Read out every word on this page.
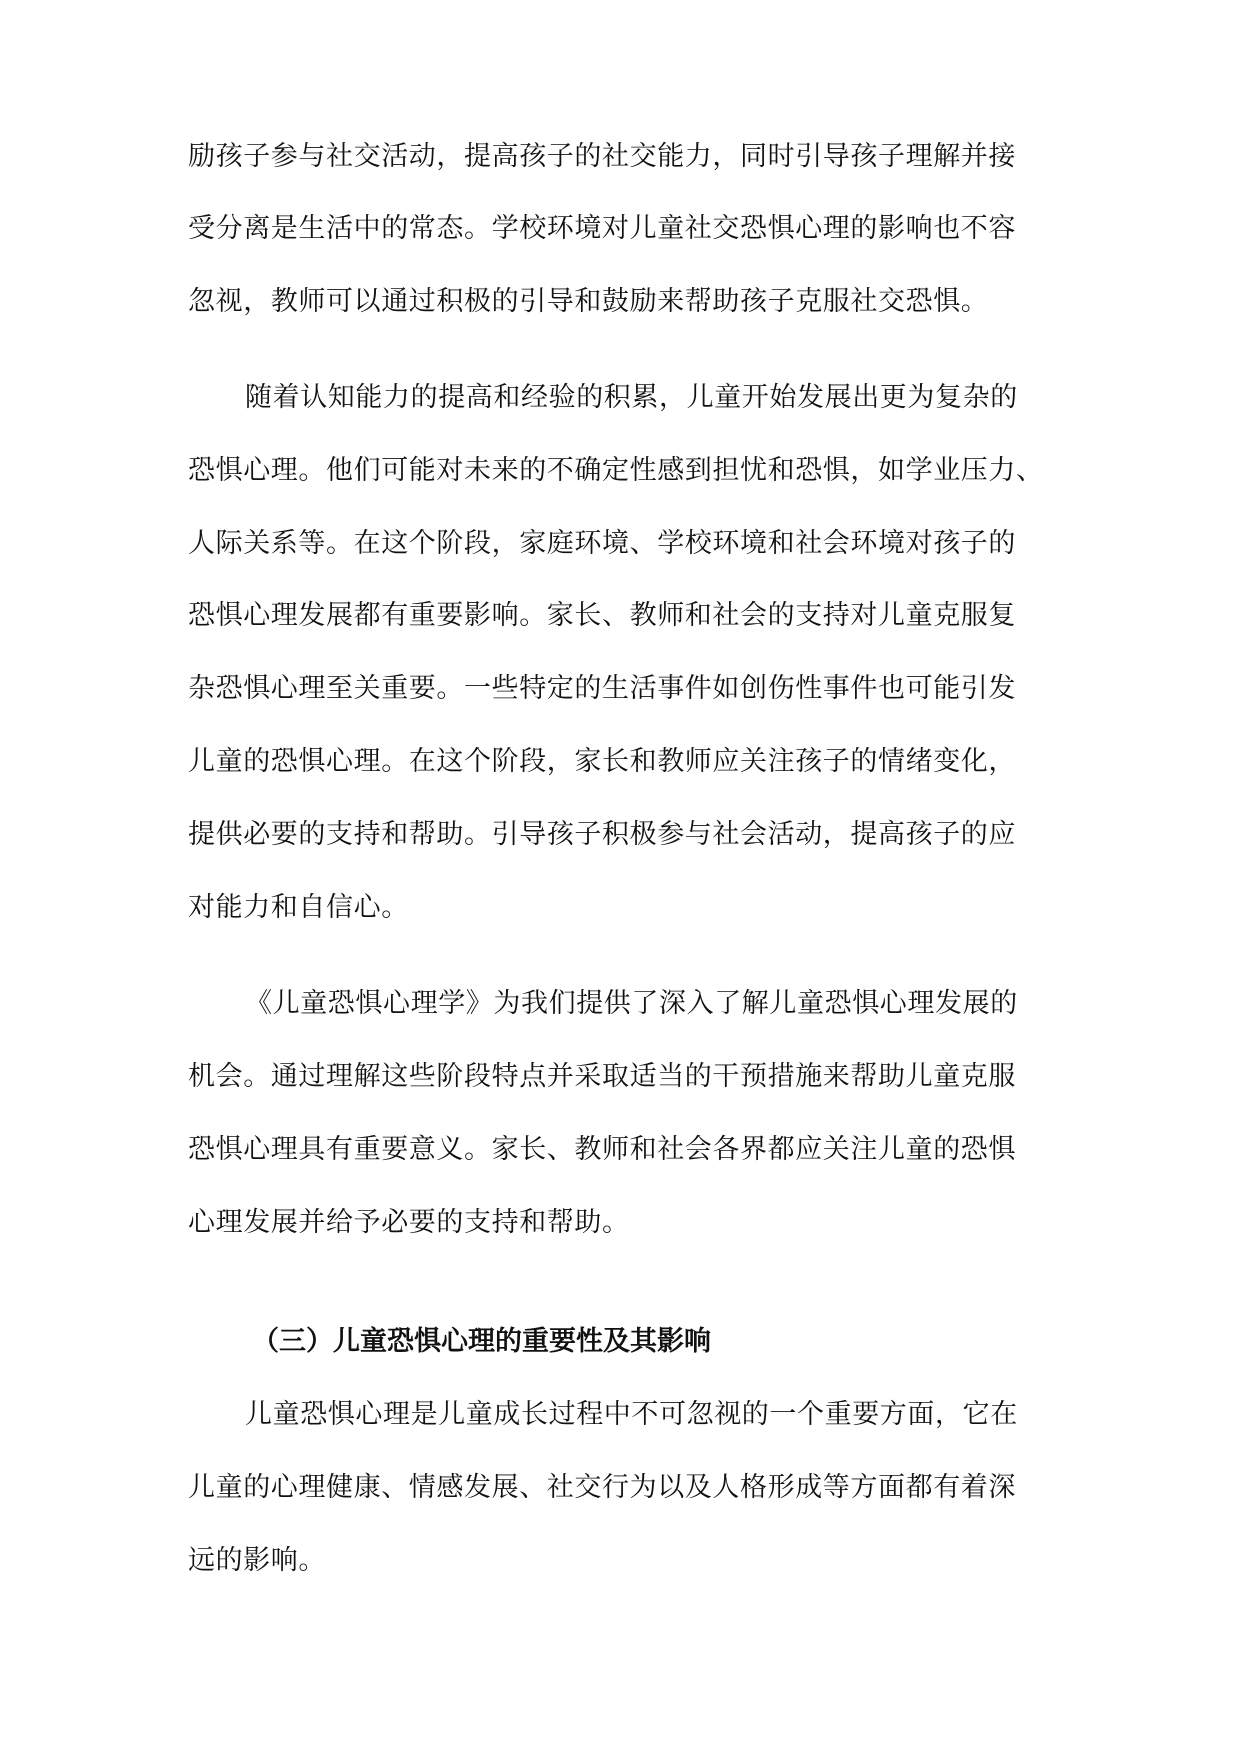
励孩子参与社交活动，提高孩子的社交能力，同时引导孩子理解并接
受分离是生活中的常态。学校环境对儿童社交恐惧心理的影响也不容
忽视，教师可以通过积极的引导和鼓励来帮助孩子克服社交恐惧。
随着认知能力的提高和经验的积累，儿童开始发展出更为复杂的
恐惧心理。他们可能对未来的不确定性感到担忧和恐惧，如学业压力、
人际关系等。在这个阶段，家庭环境、学校环境和社会环境对孩子的
恐惧心理发展都有重要影响。家长、教师和社会的支持对儿童克服复
杂恐惧心理至关重要。一些特定的生活事件如创伤性事件也可能引发
儿童的恐惧心理。在这个阶段，家长和教师应关注孩子的情绪变化，
提供必要的支持和帮助。引导孩子积极参与社会活动，提高孩子的应
对能力和自信心。
《儿童恐惧心理学》为我们提供了深入了解儿童恐惧心理发展的
机会。通过理解这些阶段特点并采取适当的干预措施来帮助儿童克服
恐惧心理具有重要意义。家长、教师和社会各界都应关注儿童的恐惧
心理发展并给予必要的支持和帮助。
（三）儿童恐惧心理的重要性及其影响
儿童恐惧心理是儿童成长过程中不可忽视的一个重要方面，它在
儿童的心理健康、情感发展、社交行为以及人格形成等方面都有着深
远的影响。
